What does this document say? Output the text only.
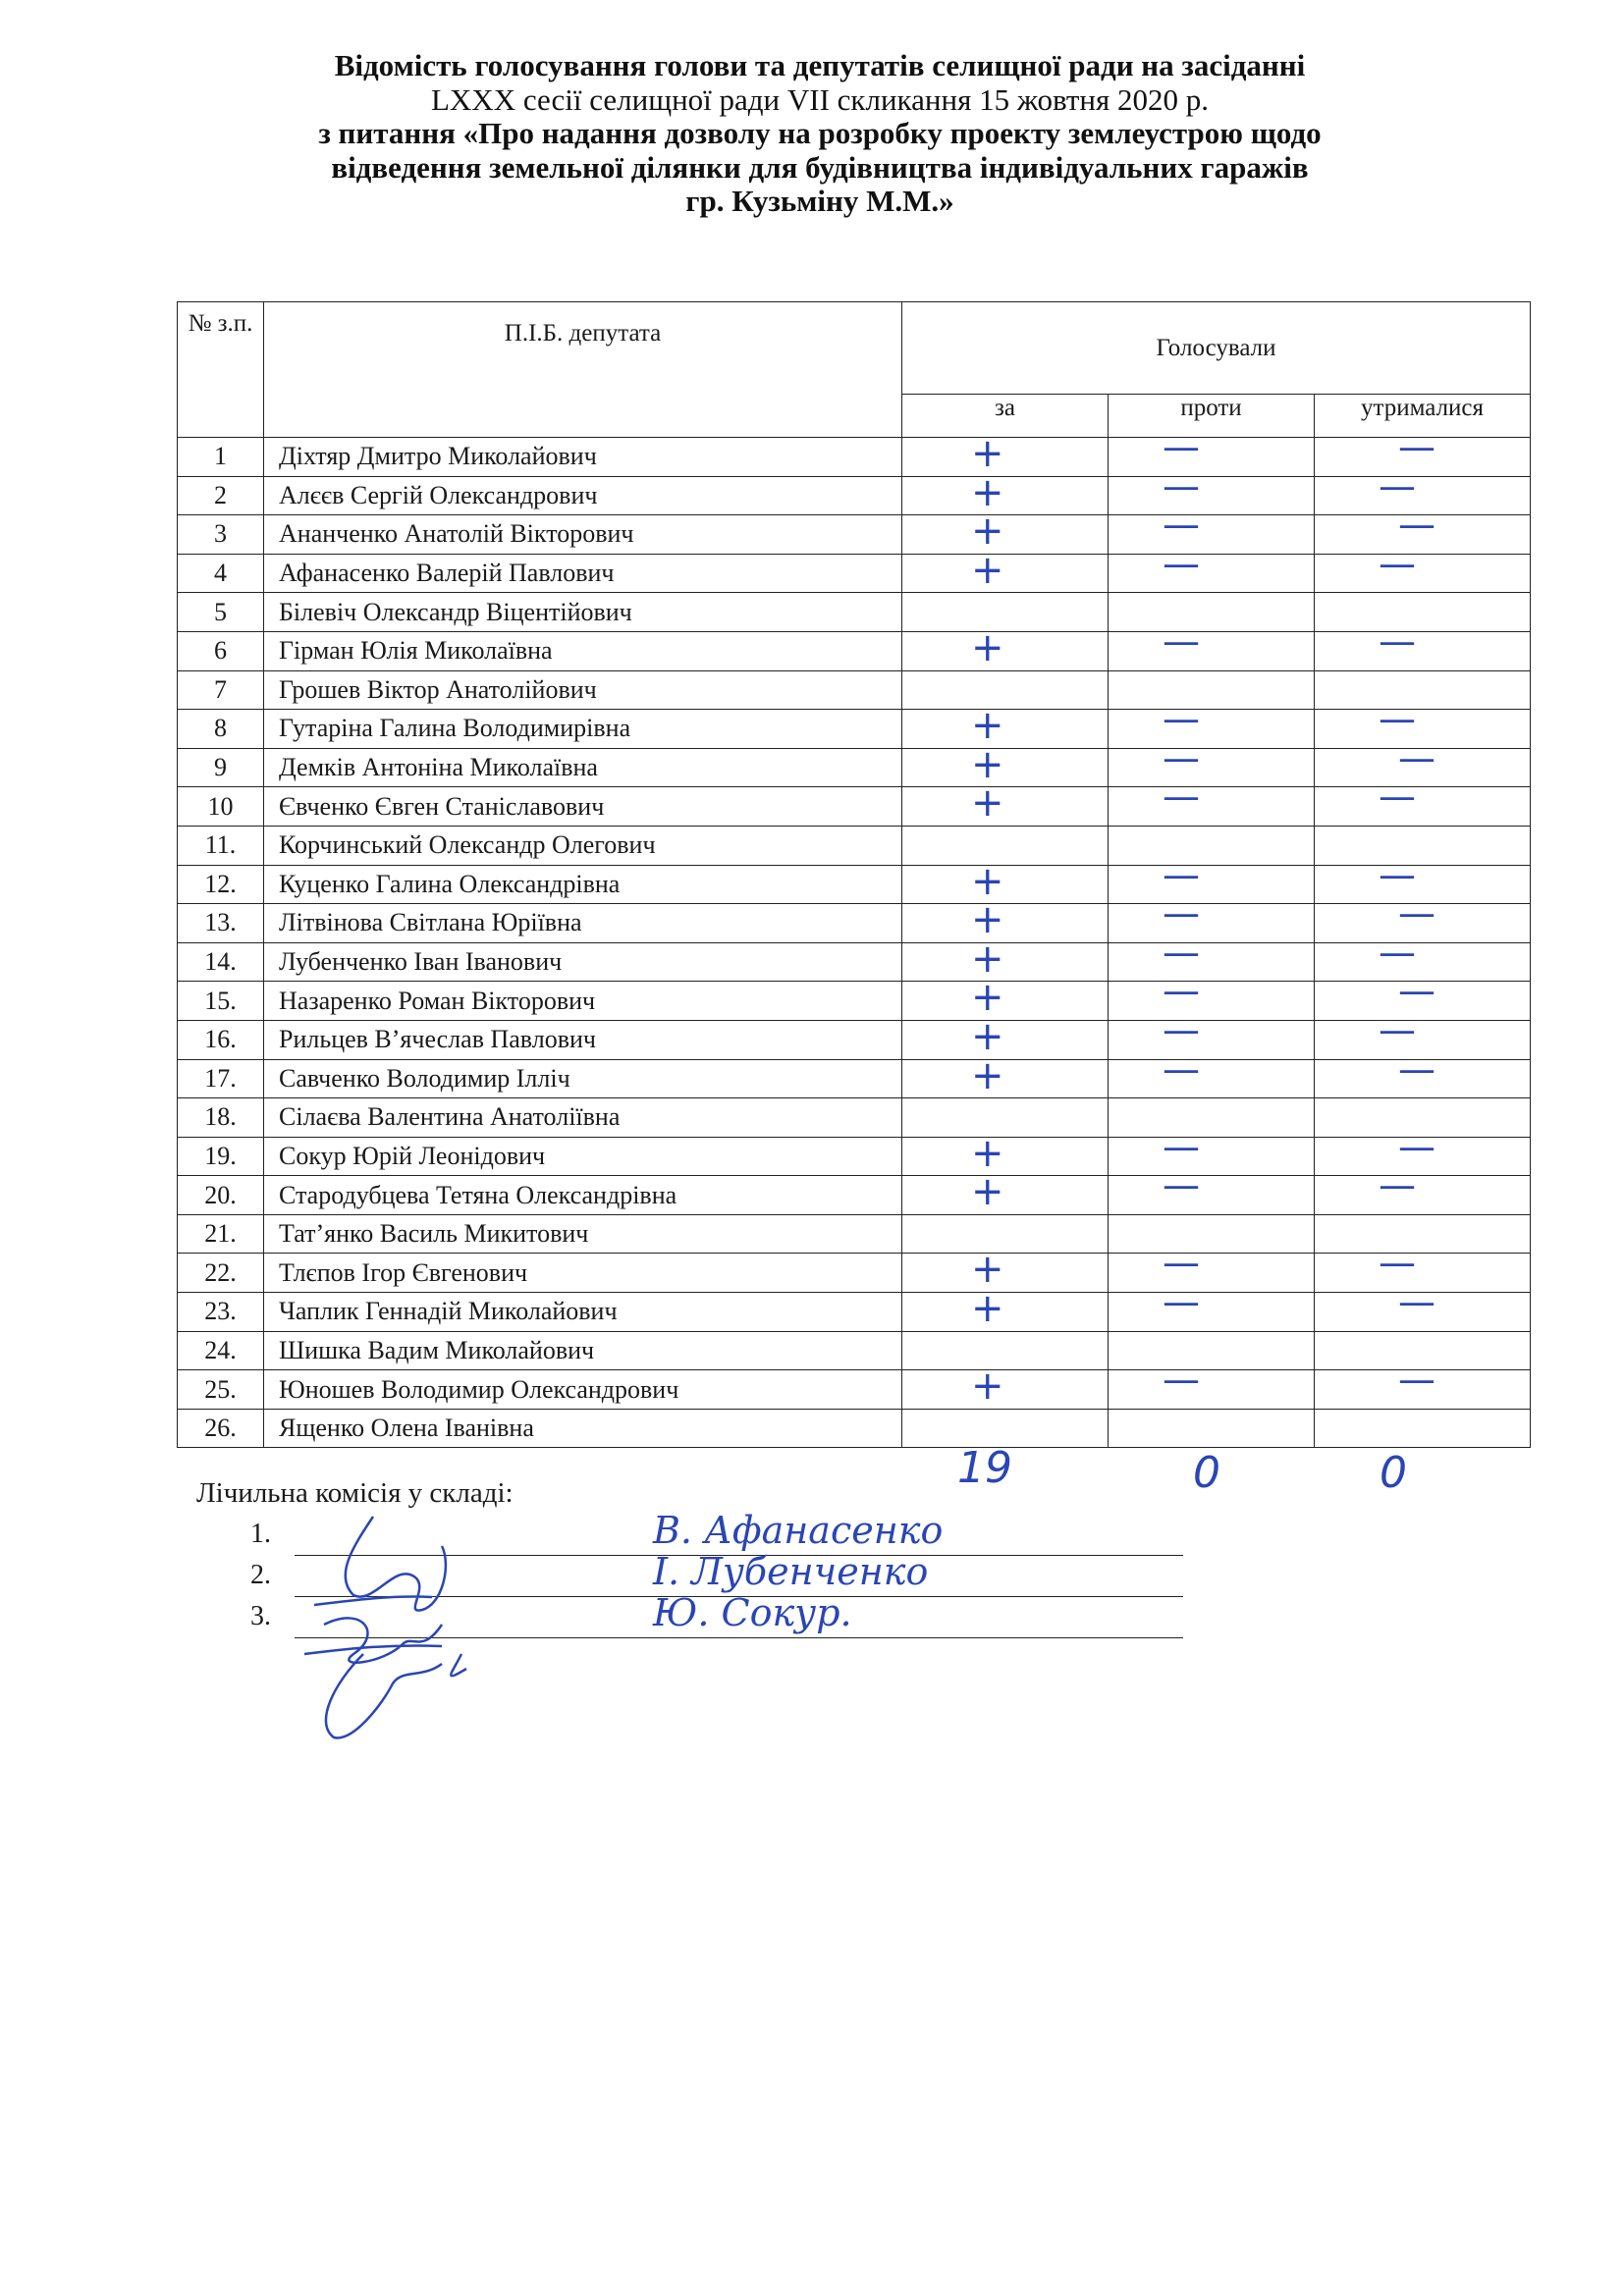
Відомість голосування голови та депутатів селищної ради на засіданні
LXXX сесії селищної ради VII скликання 15 жовтня 2020 р.
з питання «Про надання дозволу на розробку проекту землеустрою щодо
відведення земельної ділянки для будівництва індивідуальних гаражів
гр. Кузьміну М.М.»
№ з.п.	П.І.Б. депутата	Голосували		
		за	проти	утрималися
1	Діхтяр Дмитро Миколайович	+	—	—

2	Алєєв Сергій Олександрович	+	—	—

3	Ананченко Анатолій Вікторович	+	—	—

4	Афанасенко Валерій Павлович	+	—	—

5	Білевіч Олександр Віцентійович	

6	Гірман Юлія Миколаївна	+	—	—

7	Грошев Віктор Анатолійович	

8	Гутаріна Галина Володимирівна	+	—	—

9	Демків Антоніна Миколаївна	+	—	—

10	Євченко Євген Станіславович	+	—	—

11.	Корчинський Олександр Олегович	

12.	Куценко Галина Олександрівна	+	—	—

13.	Літвінова Світлана Юріївна	+	—	—

14.	Лубенченко Іван Іванович	+	—	—

15.	Назаренко Роман Вікторович	+	—	—

16.	Рильцев В’ячеслав Павлович	+	—	—

17.	Савченко Володимир Ілліч	+	—	—

18.	Сілаєва Валентина Анатоліївна	

19.	Сокур Юрій Леонідович	+	—	—

20.	Стародубцева Тетяна Олександрівна	+	—	—

21.	Тат’янко Василь Микитович	

22.	Тлєпов Ігор Євгенович	+	—	—

23.	Чаплик Геннадій Миколайович	+	—	—

24.	Шишка Вадим Миколайович	

25.	Юношев Володимир Олександрович	+	—	—

26.	Ященко Олена Іванівна	

19	0	0
Лічильна комісія у складі:
1.	В. Афанасенко
2.	І. Лубенченко
3.	Ю. Сокур.
